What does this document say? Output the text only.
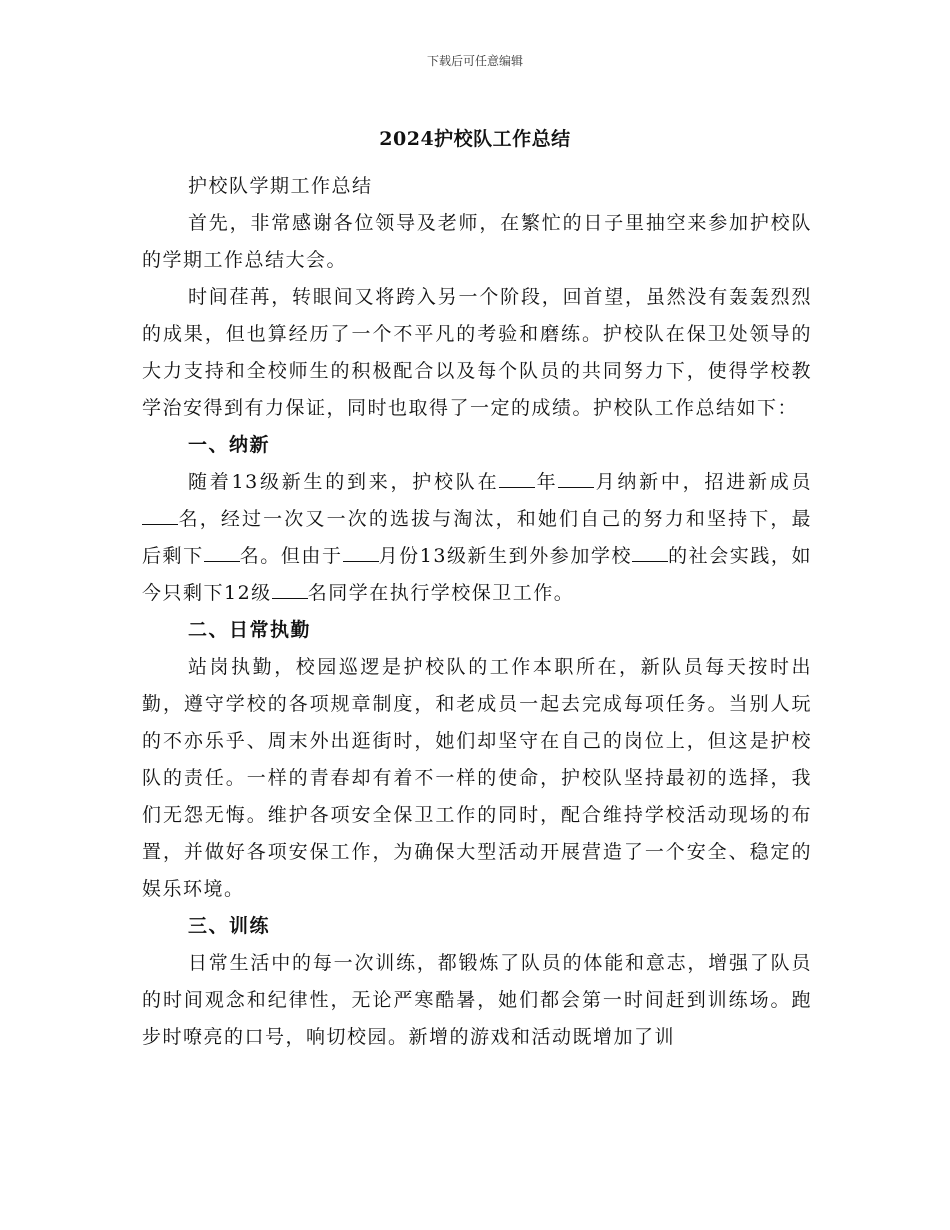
下载后可任意编辑
2024护校队工作总结

护校队学期工作总结

首先，非常感谢各位领导及老师，在繁忙的日子里抽空来参加护校队的学期工作总结大会。

时间荏苒，转眼间又将跨入另一个阶段，回首望，虽然没有轰轰烈烈的成果，但也算经历了一个不平凡的考验和磨练。护校队在保卫处领导的大力支持和全校师生的积极配合以及每个队员的共同努力下，使得学校教学治安得到有力保证，同时也取得了一定的成绩。护校队工作总结如下：

一、纳新

随着13级新生的到来，护校队在 年 月纳新中，招进新成员名，经过一次又一次的选拔与淘汰，和她们自己的努力和坚持下，最后剩下 名。但由于 月份13级新生到外参加学校 的社会实践，如今只剩下12级 名同学在执行学校保卫工作。

二、日常执勤

站岗执勤，校园巡逻是护校队的工作本职所在，新队员每天按时出勤，遵守学校的各项规章制度，和老成员一起去完成每项任务。当别人玩的不亦乐乎、周末外出逛街时，她们却坚守在自己的岗位上，但这是护校队的责任。一样的青春却有着不一样的使命，护校队坚持最初的选择，我们无怨无悔。维护各项安全保卫工作的同时，配合维持学校活动现场的布置，并做好各项安保工作，为确保大型活动开展营造了一个安全、稳定的娱乐环境。

三、训练

日常生活中的每一次训练，都锻炼了队员的体能和意志，增强了队员的时间观念和纪律性，无论严寒酷暑，她们都会第一时间赶到训练场。跑步时嘹亮的口号，响切校园。新增的游戏和活动既增加了训
